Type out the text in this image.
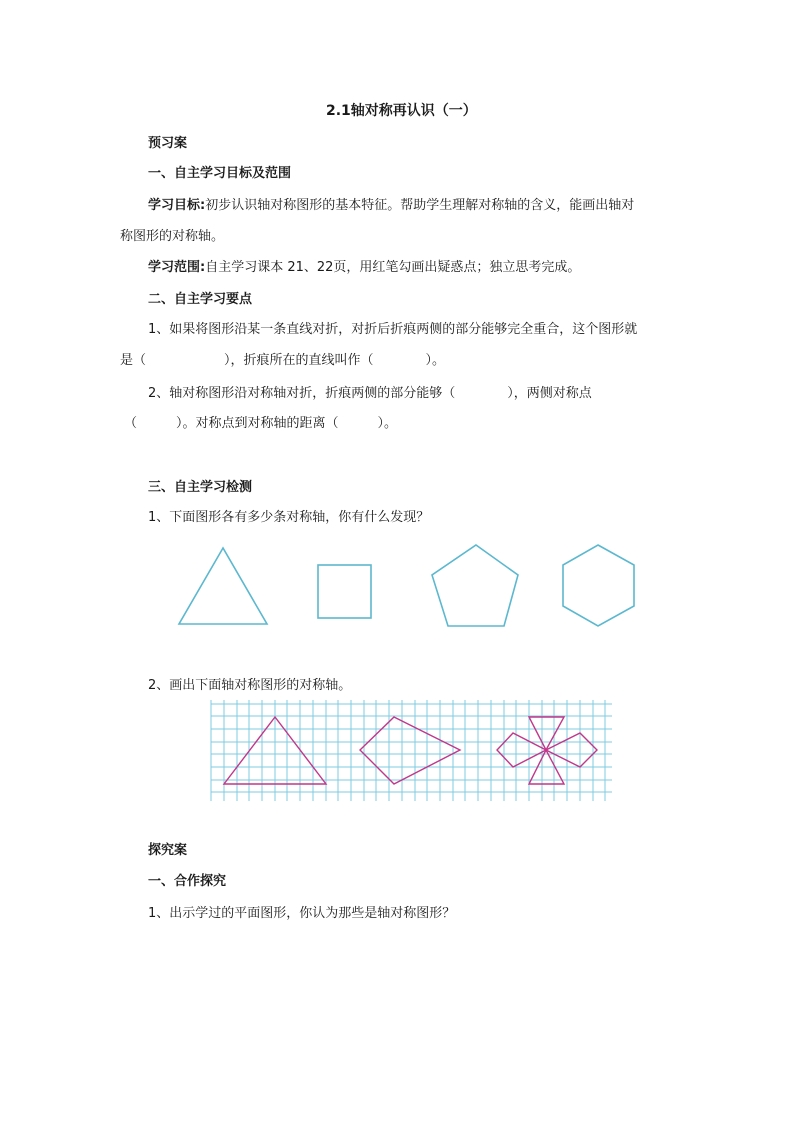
2.1轴对称再认识（一）
预习案
一、自主学习目标及范围
学习目标:初步认识轴对称图形的基本特征。帮助学生理解对称轴的含义，能画出轴对
称图形的对称轴。
学习范围:自主学习课本 21、22页，用红笔勾画出疑惑点；独立思考完成。
二、自主学习要点
1、如果将图形沿某一条直线对折，对折后折痕两侧的部分能够完全重合，这个图形就
是（　　　　　　），折痕所在的直线叫作（　　　　）。
2、轴对称图形沿对称轴对折，折痕两侧的部分能够（　　　　），两侧对称点
（　　　）。对称点到对称轴的距离（　　　）。
三、自主学习检测
1、下面图形各有多少条对称轴，你有什么发现？
2、画出下面轴对称图形的对称轴。
探究案
一、合作探究
1、出示学过的平面图形，你认为那些是轴对称图形？
